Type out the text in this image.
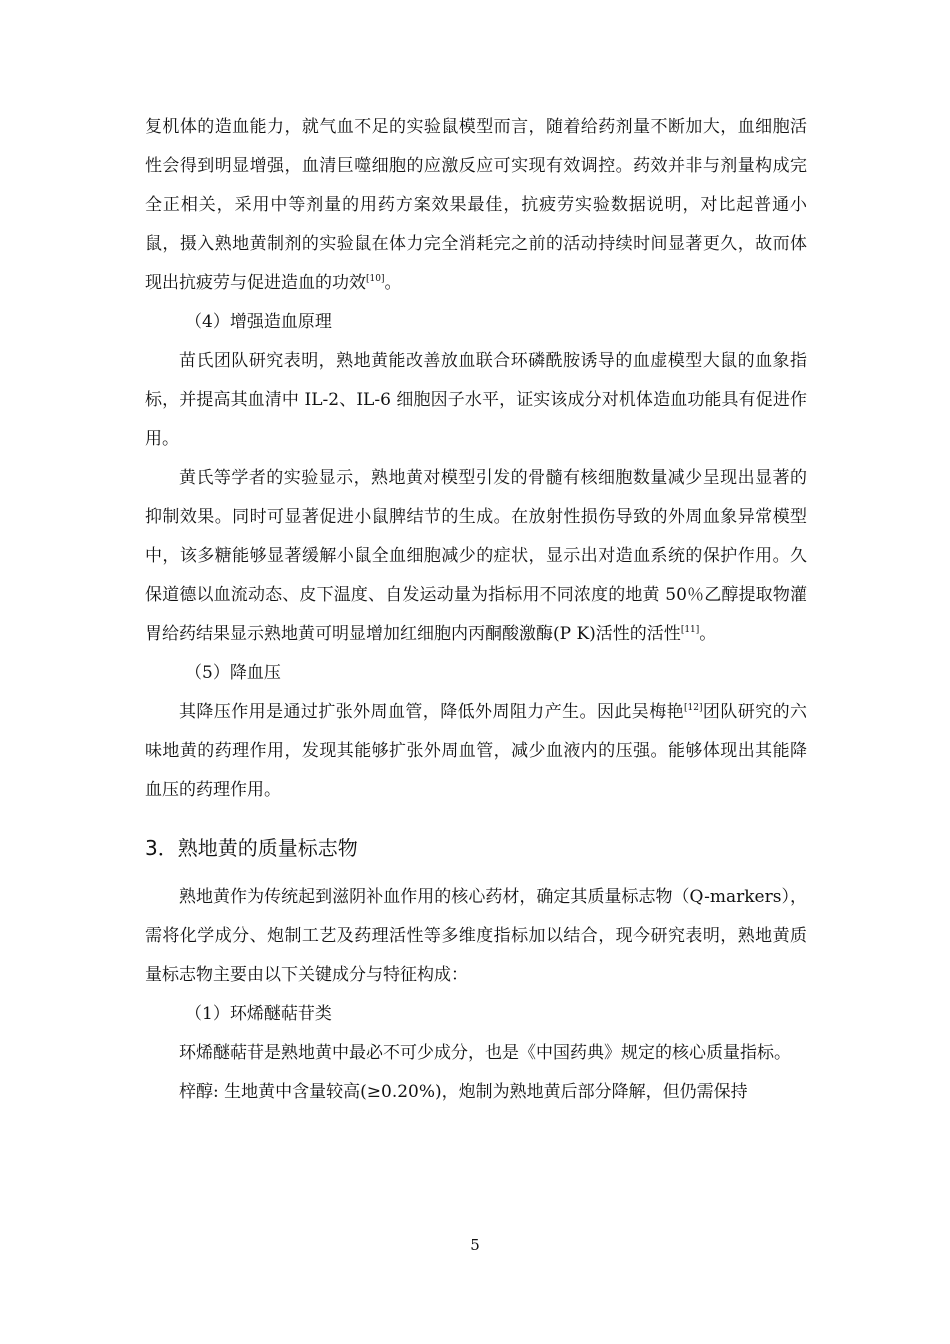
复机体的造血能力，就气血不足的实验鼠模型而言，随着给药剂量不断加大，血细胞活性会得到明显增强，血清巨噬细胞的应激反应可实现有效调控。药效并非与剂量构成完全正相关，采用中等剂量的用药方案效果最佳，抗疲劳实验数据说明，对比起普通小鼠，摄入熟地黄制剂的实验鼠在体力完全消耗完之前的活动持续时间显著更久，故而体现出抗疲劳与促进造血的功效[10]。

（4）增强造血原理

苗氏团队研究表明，熟地黄能改善放血联合环磷酰胺诱导的血虚模型大鼠的血象指标，并提高其血清中 IL-2、IL-6 细胞因子水平，证实该成分对机体造血功能具有促进作用。

黄氏等学者的实验显示，熟地黄对模型引发的骨髓有核细胞数量减少呈现出显著的抑制效果。同时可显著促进小鼠脾结节的生成。在放射性损伤导致的外周血象异常模型中，该多糖能够显著缓解小鼠全血细胞减少的症状，显示出对造血系统的保护作用。久保道德以血流动态、皮下温度、自发运动量为指标用不同浓度的地黄 50％乙醇提取物灌胃给药结果显示熟地黄可明显增加红细胞内丙酮酸激酶(P K)活性的活性[11]。

（5）降血压

其降压作用是通过扩张外周血管，降低外周阻力产生。因此吴梅艳[12]团队研究的六味地黄的药理作用，发现其能够扩张外周血管，减少血液内的压强。能够体现出其能降血压的药理作用。

3．熟地黄的质量标志物

熟地黄作为传统起到滋阴补血作用的核心药材，确定其质量标志物（Q-markers），需将化学成分、炮制工艺及药理活性等多维度指标加以结合，现今研究表明，熟地黄质量标志物主要由以下关键成分与特征构成：

（1）环烯醚萜苷类

环烯醚萜苷是熟地黄中最必不可少成分，也是《中国药典》规定的核心质量指标。

梓醇: 生地黄中含量较高(≥0.20%)，炮制为熟地黄后部分降解，但仍需保持

5
